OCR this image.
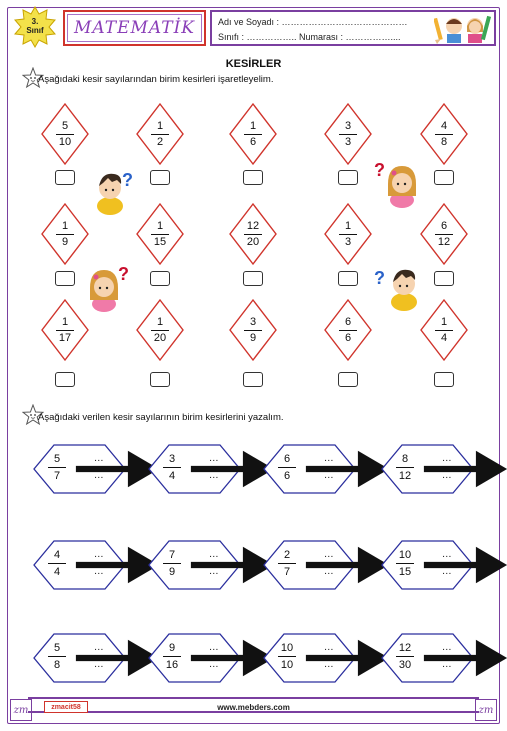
3.
Sınıf	MATEMATİK	Adı ve Soyadı : ……………………………………
Sınıfı : …………….. Numarası : ……………....
KESİRLER
Aşağıdaki kesir sayılarından birim kesirleri işaretleyelim.
5
10
1
2
1
6
3
3
4
8
1
9
1
15
12
20
1
3
6
12
1
17
1
20
3
9
6
6
1
4
Aşağıdaki verilen kesir sayılarının birim kesirlerini yazalım.
5
7
…
…
3
4
…
…
6
6
…
…
8
12
…
…
4
4
…
…
7
9
…
…
2
7
…
…
10
15
…
…
5
8
…
…
9
16
…
…
10
10
…
…
12
30
…
…
?	?
?	?
zm	zm
zmacit58	www.mebders.com
